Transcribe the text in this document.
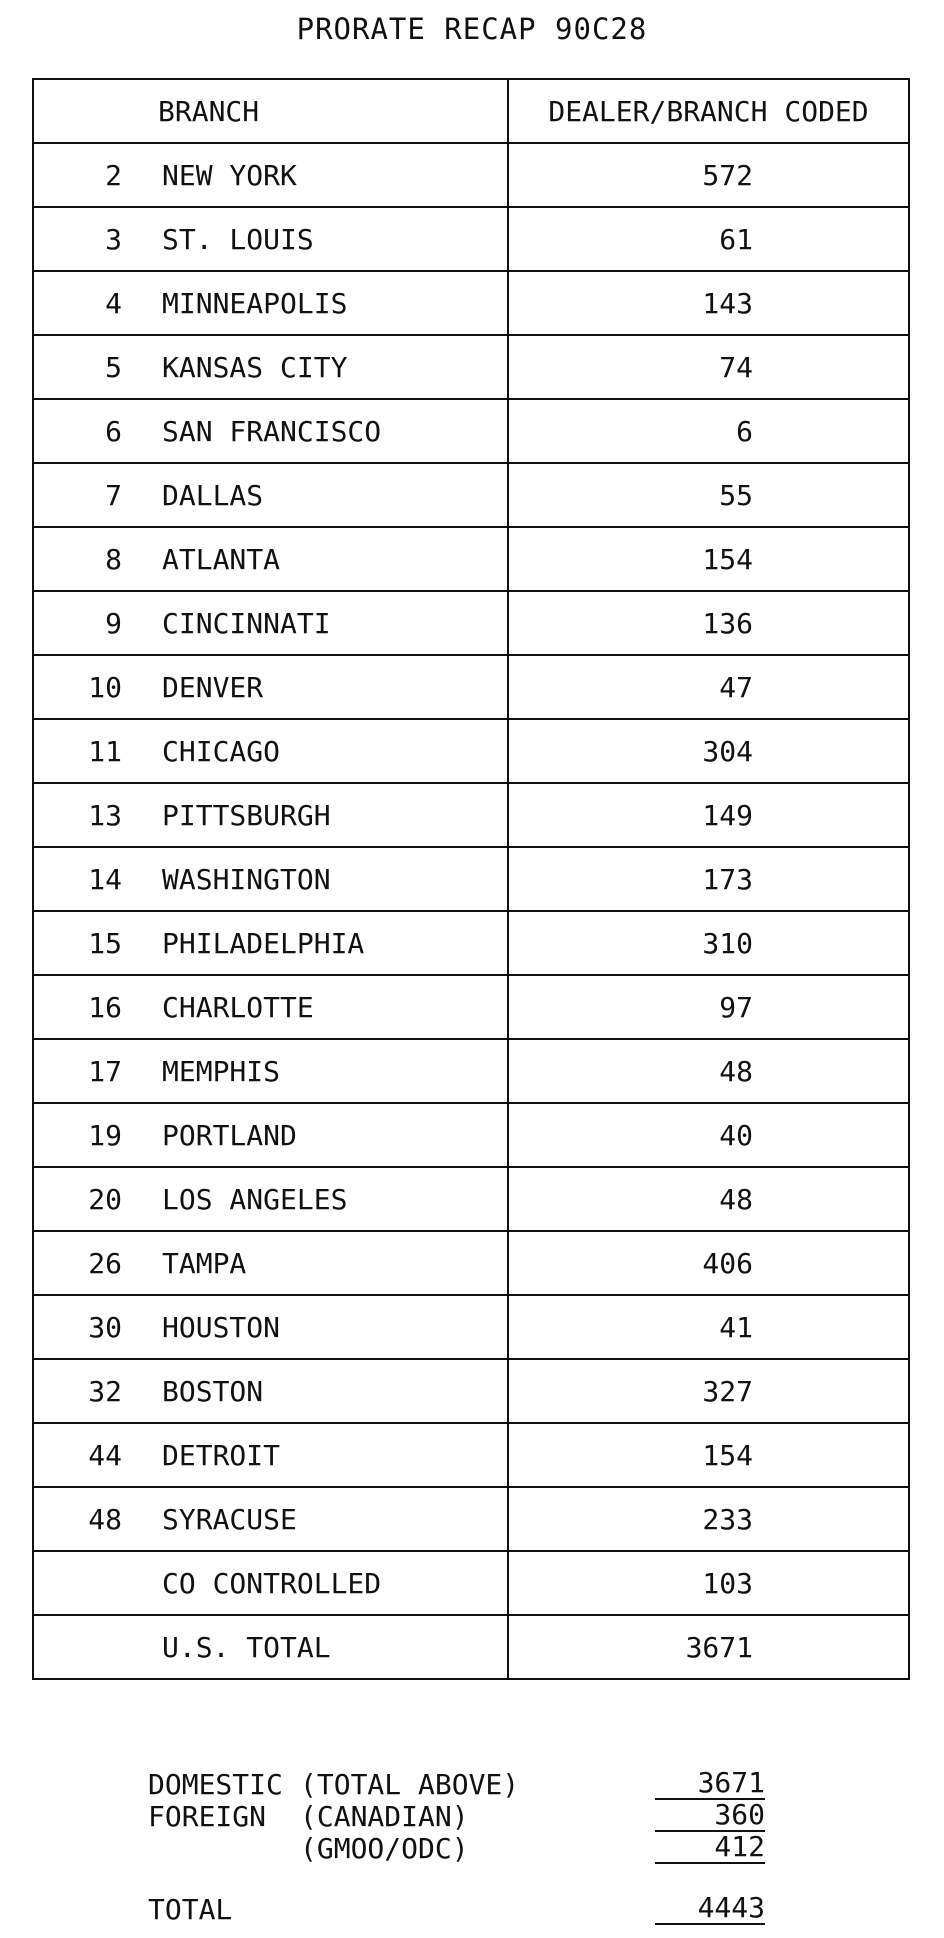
PRORATE RECAP 90C28
BRANCH	DEALER/BRANCH CODED
2 NEW YORK	572
3 ST. LOUIS	61
4 MINNEAPOLIS	143
5 KANSAS CITY	74
6 SAN FRANCISCO	6
7 DALLAS	55
8 ATLANTA	154
9 CINCINNATI	136
10 DENVER	47
11 CHICAGO	304
13 PITTSBURGH	149
14 WASHINGTON	173
15 PHILADELPHIA	310
16 CHARLOTTE	97
17 MEMPHIS	48
19 PORTLAND	40
20 LOS ANGELES	48
26 TAMPA	406
30 HOUSTON	41
32 BOSTON	327
44 DETROIT	154
48 SYRACUSE	233
CO CONTROLLED	103
U.S. TOTAL	3671
DOMESTIC (TOTAL ABOVE)	3671
FOREIGN (CANADIAN)	360
(GMOO/ODC)	412
TOTAL	4443
